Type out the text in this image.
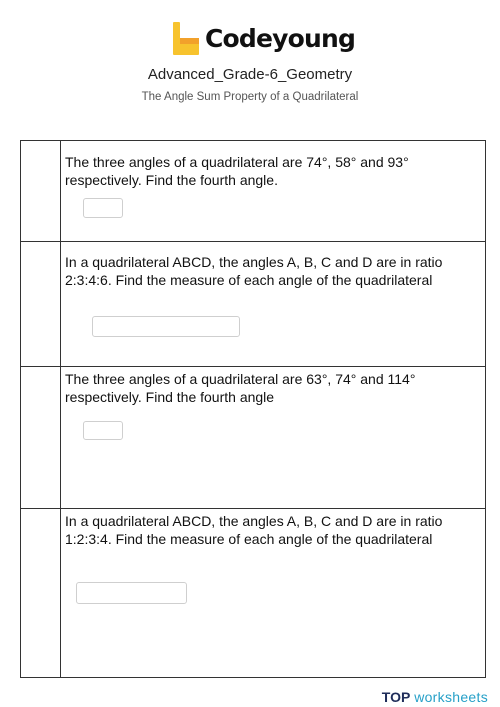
Codeyoung
Advanced_Grade-6_Geometry
The Angle Sum Property of a Quadrilateral
The three angles of a quadrilateral are 74°, 58° and 93° respectively. Find the fourth angle.
In a quadrilateral ABCD, the angles A, B, C and D are in ratio 2:3:4:6. Find the measure of each angle of the quadrilateral
The three angles of a quadrilateral are 63°, 74° and 114° respectively. Find the fourth angle
In a quadrilateral ABCD, the angles A, B, C and D are in ratio 1:2:3:4. Find the measure of each angle of the quadrilateral
TOP worksheets
